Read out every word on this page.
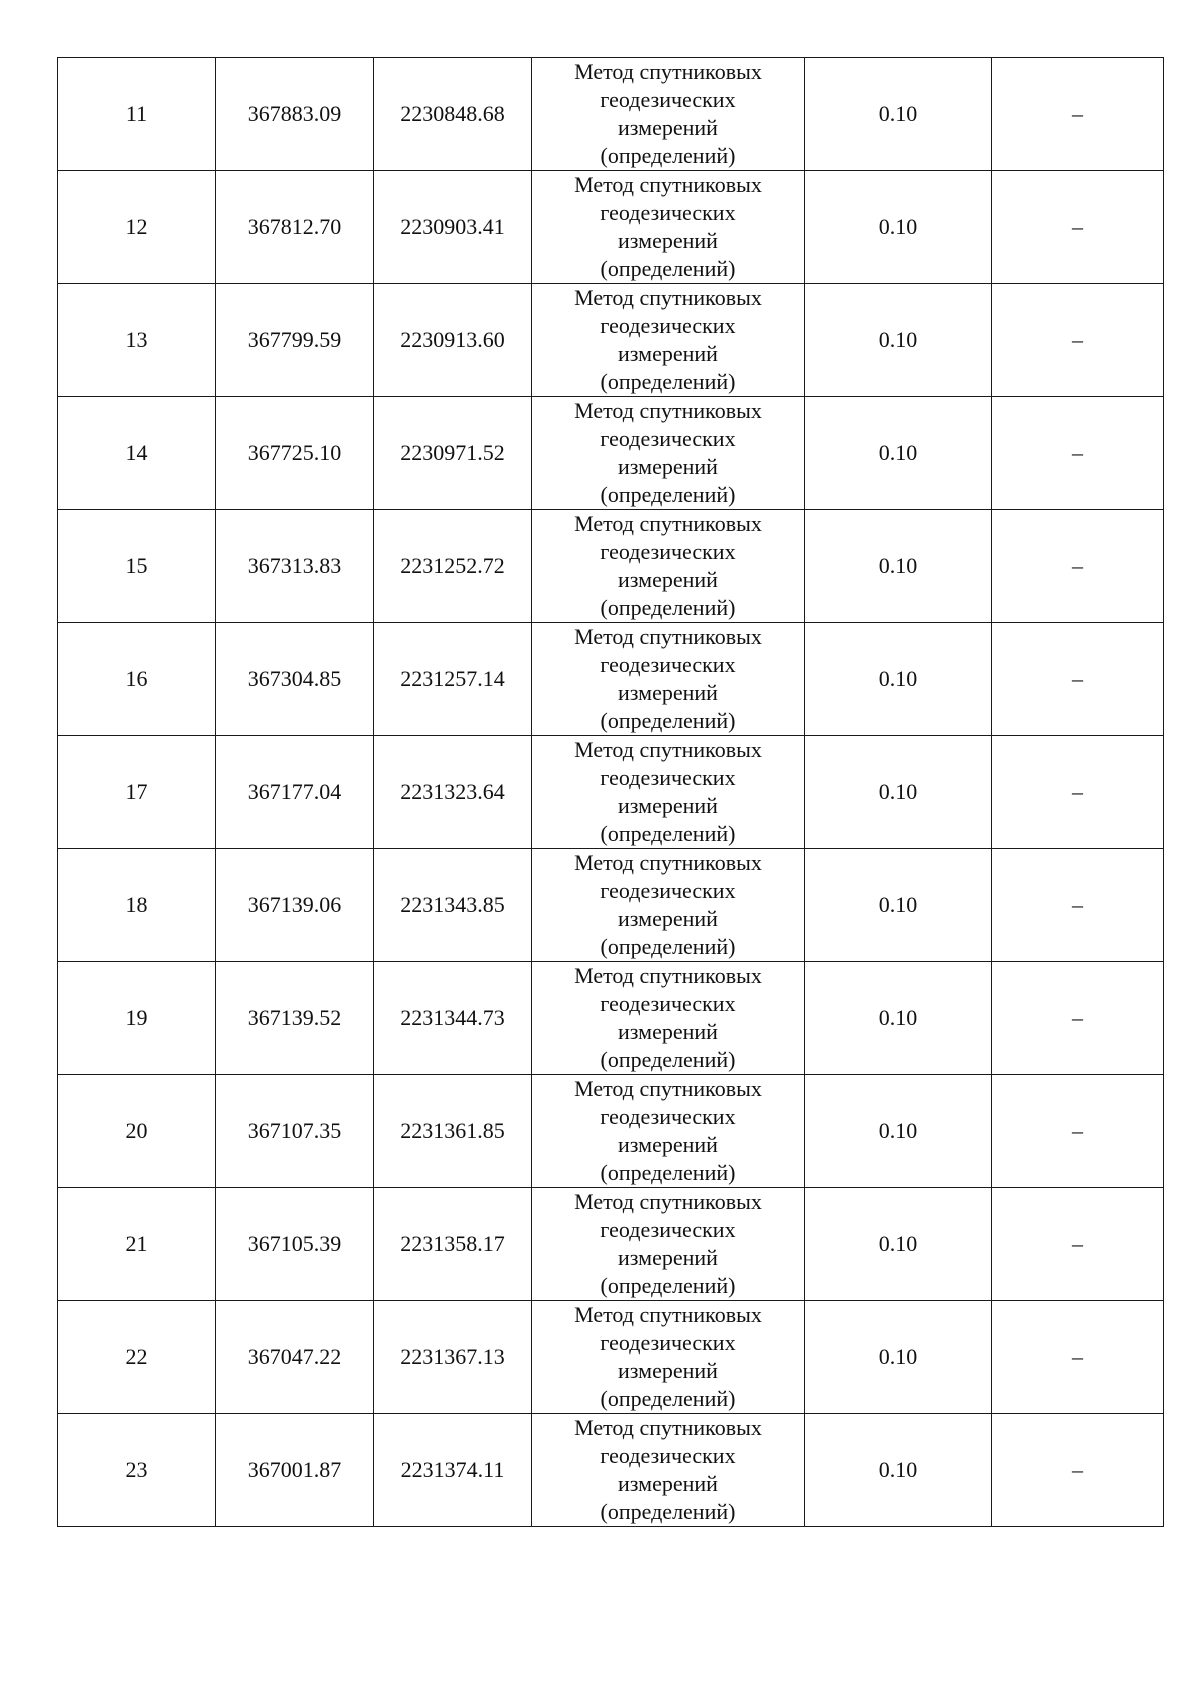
11	367883.09	2230848.68	Метод спутниковых
геодезических
измерений
(определений)	0.10	–
12	367812.70	2230903.41	Метод спутниковых
геодезических
измерений
(определений)	0.10	–
13	367799.59	2230913.60	Метод спутниковых
геодезических
измерений
(определений)	0.10	–
14	367725.10	2230971.52	Метод спутниковых
геодезических
измерений
(определений)	0.10	–
15	367313.83	2231252.72	Метод спутниковых
геодезических
измерений
(определений)	0.10	–
16	367304.85	2231257.14	Метод спутниковых
геодезических
измерений
(определений)	0.10	–
17	367177.04	2231323.64	Метод спутниковых
геодезических
измерений
(определений)	0.10	–
18	367139.06	2231343.85	Метод спутниковых
геодезических
измерений
(определений)	0.10	–
19	367139.52	2231344.73	Метод спутниковых
геодезических
измерений
(определений)	0.10	–
20	367107.35	2231361.85	Метод спутниковых
геодезических
измерений
(определений)	0.10	–
21	367105.39	2231358.17	Метод спутниковых
геодезических
измерений
(определений)	0.10	–
22	367047.22	2231367.13	Метод спутниковых
геодезических
измерений
(определений)	0.10	–
23	367001.87	2231374.11	Метод спутниковых
геодезических
измерений
(определений)	0.10	–
